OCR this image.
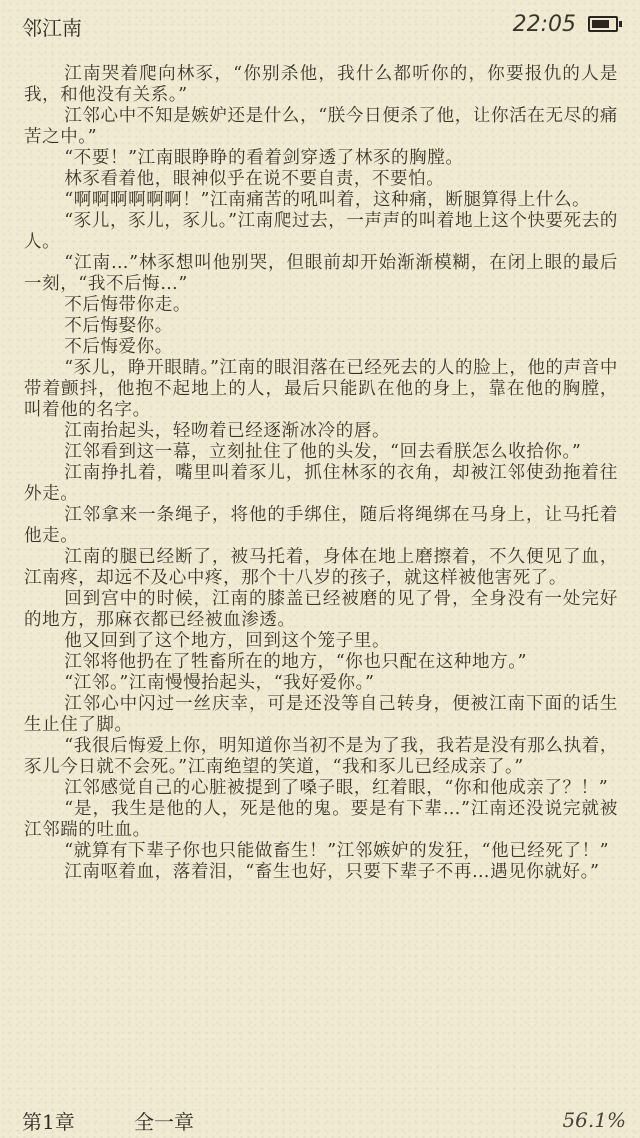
邻江南	22:05

江南哭着爬向林豕，“你别杀他，我什么都听你的，你要报仇的人是我，和他没有关系。”

江邻心中不知是嫉妒还是什么，“朕今日便杀了他，让你活在无尽的痛苦之中。”

“不要！”江南眼睁睁的看着剑穿透了林豕的胸膛。

林豕看着他，眼神似乎在说不要自责，不要怕。

“啊啊啊啊啊啊！”江南痛苦的吼叫着，这种痛，断腿算得上什么。

“豕儿，豕儿，豕儿。”江南爬过去，一声声的叫着地上这个快要死去的人。

“江南…”林豕想叫他别哭，但眼前却开始渐渐模糊，在闭上眼的最后一刻，“我不后悔…”

不后悔带你走。

不后悔娶你。

不后悔爱你。

“豕儿，睁开眼睛。”江南的眼泪落在已经死去的人的脸上，他的声音中带着颤抖，他抱不起地上的人，最后只能趴在他的身上，靠在他的胸膛，叫着他的名字。

江南抬起头，轻吻着已经逐渐冰冷的唇。

江邻看到这一幕，立刻扯住了他的头发，“回去看朕怎么收拾你。”

江南挣扎着，嘴里叫着豕儿，抓住林豕的衣角，却被江邻使劲拖着往外走。

江邻拿来一条绳子，将他的手绑住，随后将绳绑在马身上，让马托着他走。

江南的腿已经断了，被马托着，身体在地上磨擦着，不久便见了血，江南疼，却远不及心中疼，那个十八岁的孩子，就这样被他害死了。

回到宫中的时候，江南的膝盖已经被磨的见了骨，全身没有一处完好的地方，那麻衣都已经被血渗透。

他又回到了这个地方，回到这个笼子里。

江邻将他扔在了牲畜所在的地方，“你也只配在这种地方。”

“江邻。”江南慢慢抬起头，“我好爱你。”

江邻心中闪过一丝庆幸，可是还没等自己转身，便被江南下面的话生生止住了脚。

“我很后悔爱上你，明知道你当初不是为了我，我若是没有那么执着，豕儿今日就不会死。”江南绝望的笑道，“我和豕儿已经成亲了。”

江邻感觉自己的心脏被提到了嗓子眼，红着眼，“你和他成亲了？！”

“是，我生是他的人，死是他的鬼。要是有下辈…”江南还没说完就被江邻踹的吐血。

“就算有下辈子你也只能做畜生！”江邻嫉妒的发狂，“他已经死了！”

江南呕着血，落着泪，“畜生也好，只要下辈子不再…遇见你就好。”

第1章	全一章	56.1%
